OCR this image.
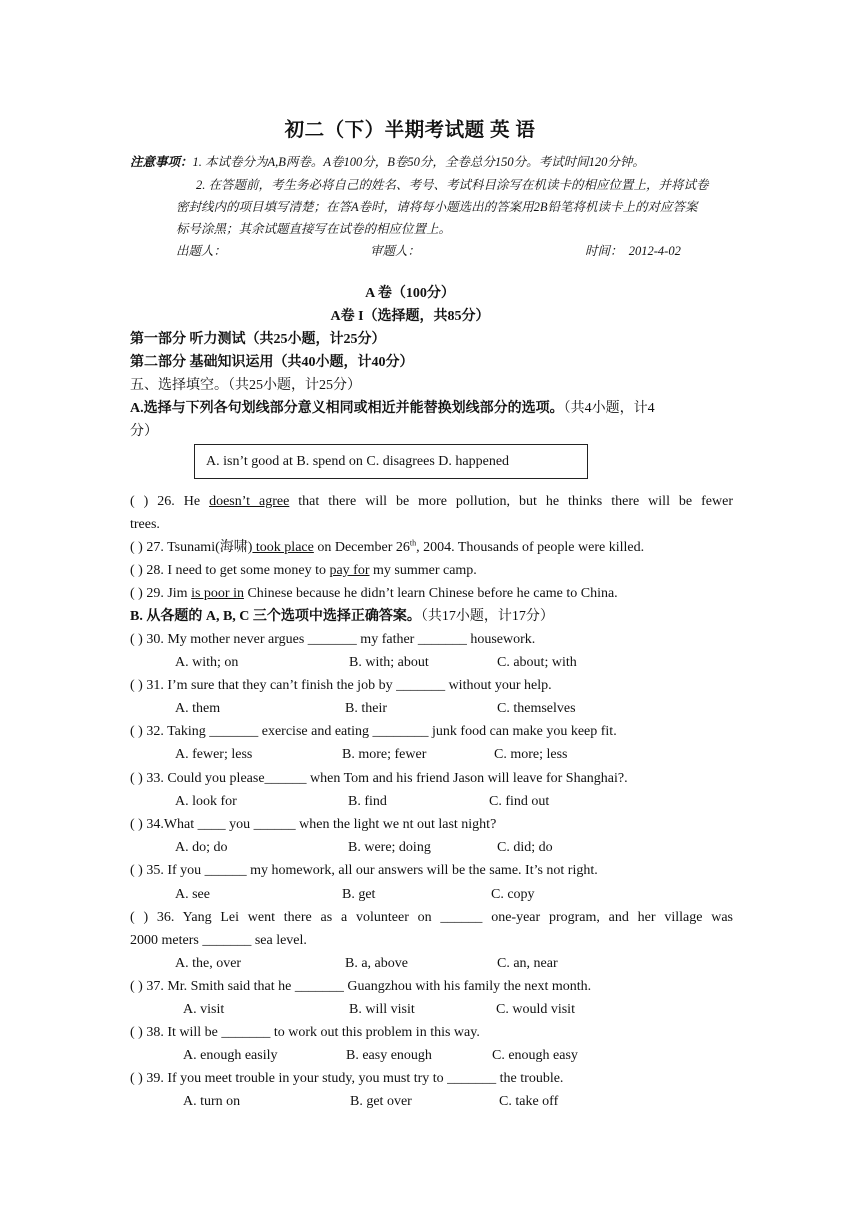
初二（下）半期考试题 英 语
注意事项：1. 本试卷分为A,B两卷。A卷100分，B卷50分，全卷总分150分。考试时间120分钟。
2. 在答题前，考生务必将自己的姓名、考号、考试科目涂写在机读卡的相应位置上，并将试卷
密封线内的项目填写清楚；在答A卷时，请将每小题选出的答案用2B铅笔将机读卡上的对应答案
标号涂黑；其余试题直接写在试卷的相应位置上。
出题人：	审题人：	时间： 2012-4-02
A 卷（100分）
A卷 I（选择题，共85分）
第一部分 听力测试（共25小题，计25分）
第二部分 基础知识运用（共40小题，计40分）
五、选择填空。（共25小题，计25分）
A.选择与下列各句划线部分意义相同或相近并能替换划线部分的选项。（共4小题，计4
分）
A. isn’t good at B. spend on C. disagrees D. happened
( ) 26. He doesn’t agree that there will be more pollution, but he thinks there will be fewer
trees.
( ) 27. Tsunami(海啸) took place on December 26th, 2004. Thousands of people were killed.
( ) 28. I need to get some money to pay for my summer camp.
( ) 29. Jim is poor in Chinese because he didn’t learn Chinese before he came to China.
B. 从各题的 A, B, C 三个选项中选择正确答案。（共17小题，计17分）
( ) 30. My mother never argues _______ my father _______ housework.
A. with; on	B. with; about	C. about; with
( ) 31. I’m sure that they can’t finish the job by _______ without your help.
A. them	B. their	C. themselves
( ) 32. Taking _______ exercise and eating ________ junk food can make you keep fit.
A. fewer; less	B. more; fewer	C. more; less
( ) 33. Could you please______ when Tom and his friend Jason will leave for Shanghai?.
A. look for	B. find	C. find out
( ) 34.What ____ you ______ when the light we nt out last night?
A. do; do	B. were; doing	C. did; do
( ) 35. If you ______ my homework, all our answers will be the same. It’s not right.
A. see	B. get	C. copy
( ) 36. Yang Lei went there as a volunteer on ______ one-year program, and her village was
2000 meters _______ sea level.
A. the, over	B. a, above	C. an, near
( ) 37. Mr. Smith said that he _______ Guangzhou with his family the next month.
A. visit	B. will visit	C. would visit
( ) 38. It will be _______ to work out this problem in this way.
A. enough easily	B. easy enough	C. enough easy
( ) 39. If you meet trouble in your study, you must try to _______ the trouble.
A. turn on	B. get over	C. take off
